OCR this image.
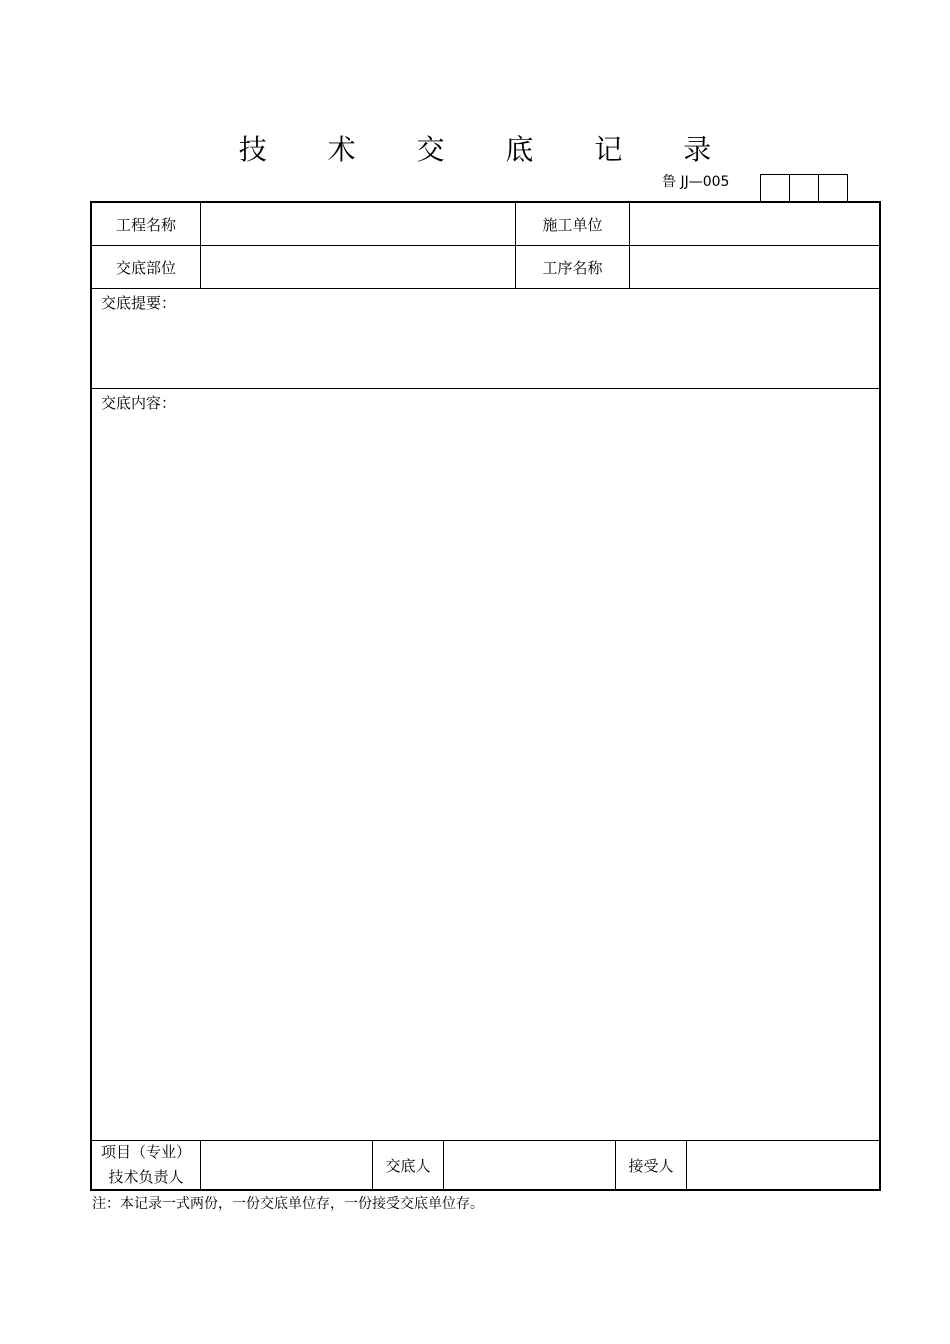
技 术 交 底 记 录
鲁 JJ—005
工程名称	施工单位
交底部位	工序名称
交底提要：
交底内容：
项目（专业）
技术负责人
交底人	接受人
注：本记录一式两份，一份交底单位存，一份接受交底单位存。
